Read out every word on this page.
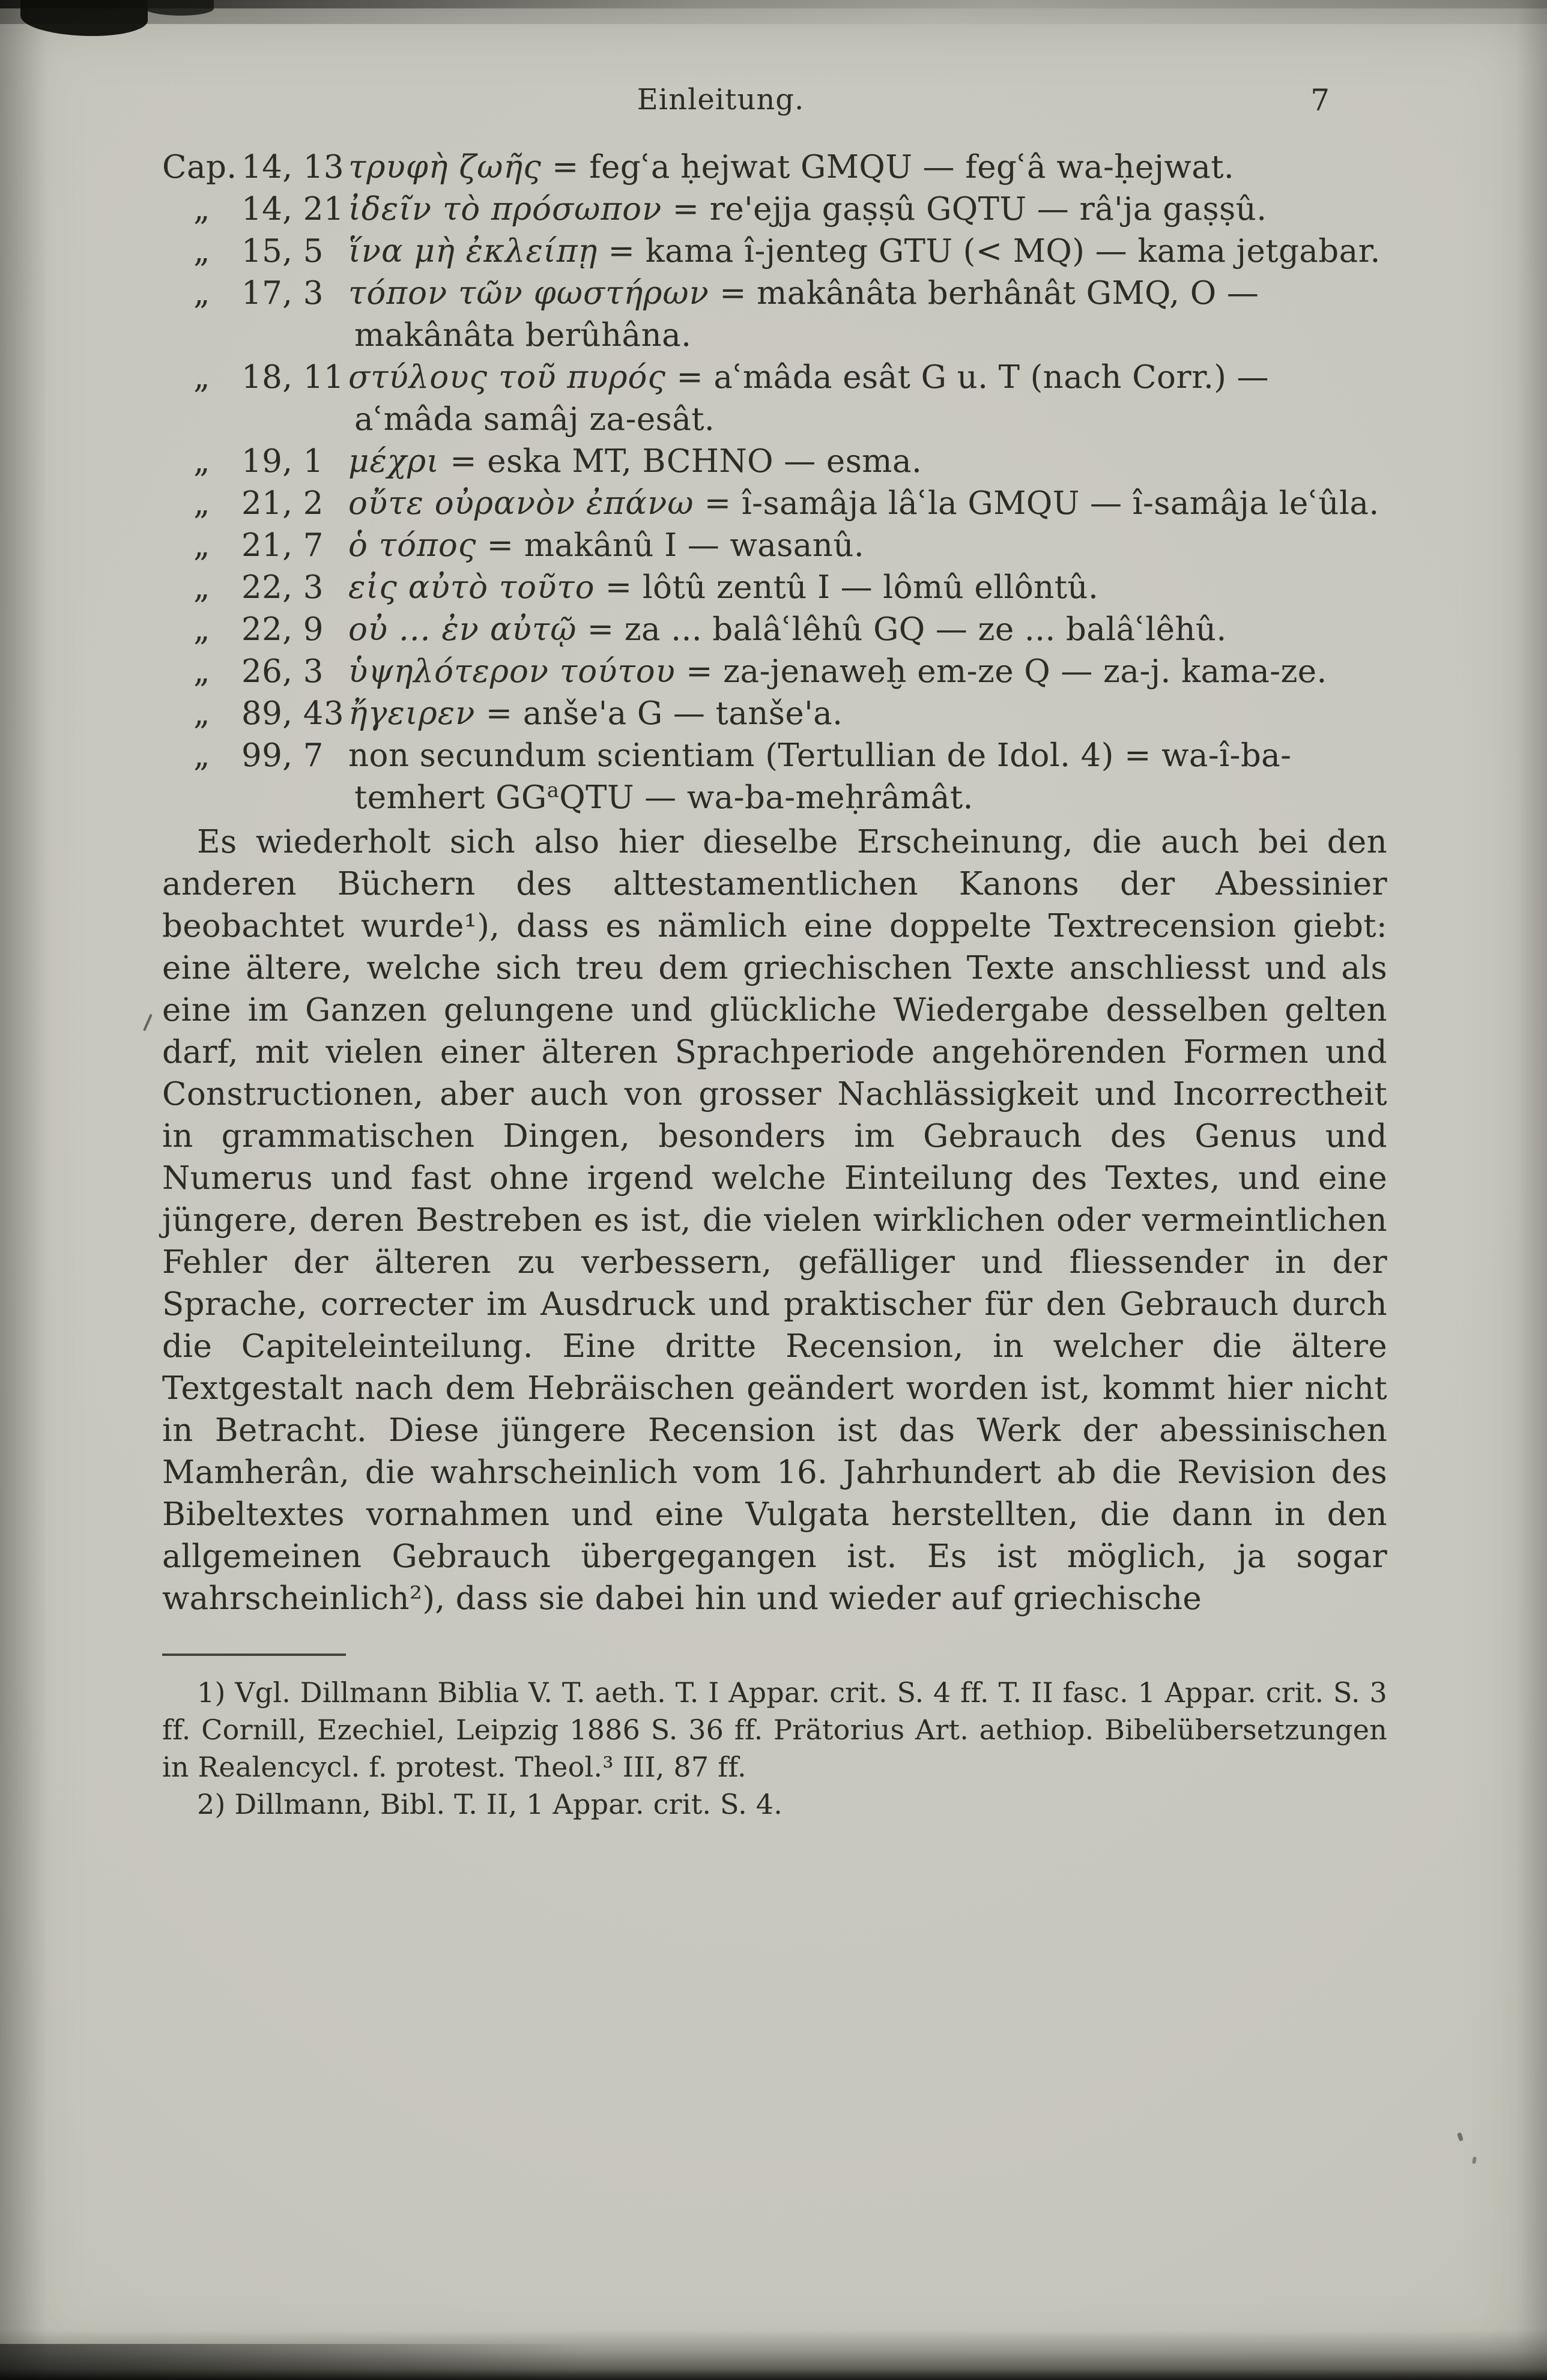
Einleitung.	7

Cap. 14, 13 τρυφὴ ζωῆς = fegʿa ḥejwat GMQU — fegʿâ wa-ḥejwat.

„ 14, 21 ἰδεῖν τὸ πρόσωπον = re'ejja gaṣṣû GQTU — râ'ja gaṣṣû.

„ 15, 5 ἵνα μὴ ἐκλείπῃ = kama î-jenteg GTU (< MQ) — kama jetgabar.

„ 17, 3 τόπον τῶν φωστήρων = makânâta berhânât GMQ, O — makânâta berûhâna.

„ 18, 11 στύλους τοῦ πυρός = aʿmâda esât G u. T (nach Corr.) — aʿmâda samâj za-esât.

„ 19, 1 μέχρι = eska MT, BCHNO — esma.

„ 21, 2 οὔτε οὐρανὸν ἐπάνω = î-samâja lâʿla GMQU — î-samâja leʿûla.

„ 21, 7 ὁ τόπος = makânû I — wasanû.

„ 22, 3 εἰς αὐτὸ τοῦτο = lôtû zentû I — lômû ellôntû.

„ 22, 9 οὐ ... ἐν αὐτῷ = za ... balâʿlêhû GQ — ze ... balâʿlêhû.

„ 26, 3 ὑψηλότερον τούτου = za-jenaweḫ em-ze Q — za-j. kama-ze.

„ 89, 43 ἤγειρεν = anše'a G — tanše'a.

„ 99, 7 non secundum scientiam (Tertullian de Idol. 4) = wa-î-ba-temhert $GG^aQTU$ — wa-ba-meḥrâmât.

Es wiederholt sich also hier dieselbe Erscheinung, die auch bei den anderen Büchern des alttestamentlichen Kanons der Abessinier beobachtet wurde¹), dass es nämlich eine doppelte Textrecension giebt: eine ältere, welche sich treu dem griechischen Texte anschliesst und als eine im Ganzen gelungene und glückliche Wiedergabe desselben gelten darf, mit vielen einer älteren Sprachperiode angehörenden Formen und Constructionen, aber auch von grosser Nachlässigkeit und Incorrectheit in grammatischen Dingen, besonders im Gebrauch des Genus und Numerus und fast ohne irgend welche Einteilung des Textes, und eine jüngere, deren Bestreben es ist, die vielen wirklichen oder vermeintlichen Fehler der älteren zu verbessern, gefälliger und fliessender in der Sprache, correcter im Ausdruck und praktischer für den Gebrauch durch die Capiteleinteilung. Eine dritte Recension, in welcher die ältere Textgestalt nach dem Hebräischen geändert worden ist, kommt hier nicht in Betracht. Diese jüngere Recension ist das Werk der abessinischen Mamherân, die wahrscheinlich vom 16. Jahrhundert ab die Revision des Bibeltextes vornahmen und eine Vulgata herstellten, die dann in den allgemeinen Gebrauch übergegangen ist. Es ist möglich, ja sogar wahrscheinlich²), dass sie dabei hin und wieder auf griechische

1) Vgl. Dillmann Biblia V. T. aeth. T. I Appar. crit. S. 4 ff. T. II fasc. 1 Appar. crit. S. 3 ff. Cornill, Ezechiel, Leipzig 1886 S. 36 ff. Prätorius Art. aethiop. Bibelübersetzungen in Realencycl. f. protest. Theol.³ III, 87 ff.

2) Dillmann, Bibl. T. II, 1 Appar. crit. S. 4.
